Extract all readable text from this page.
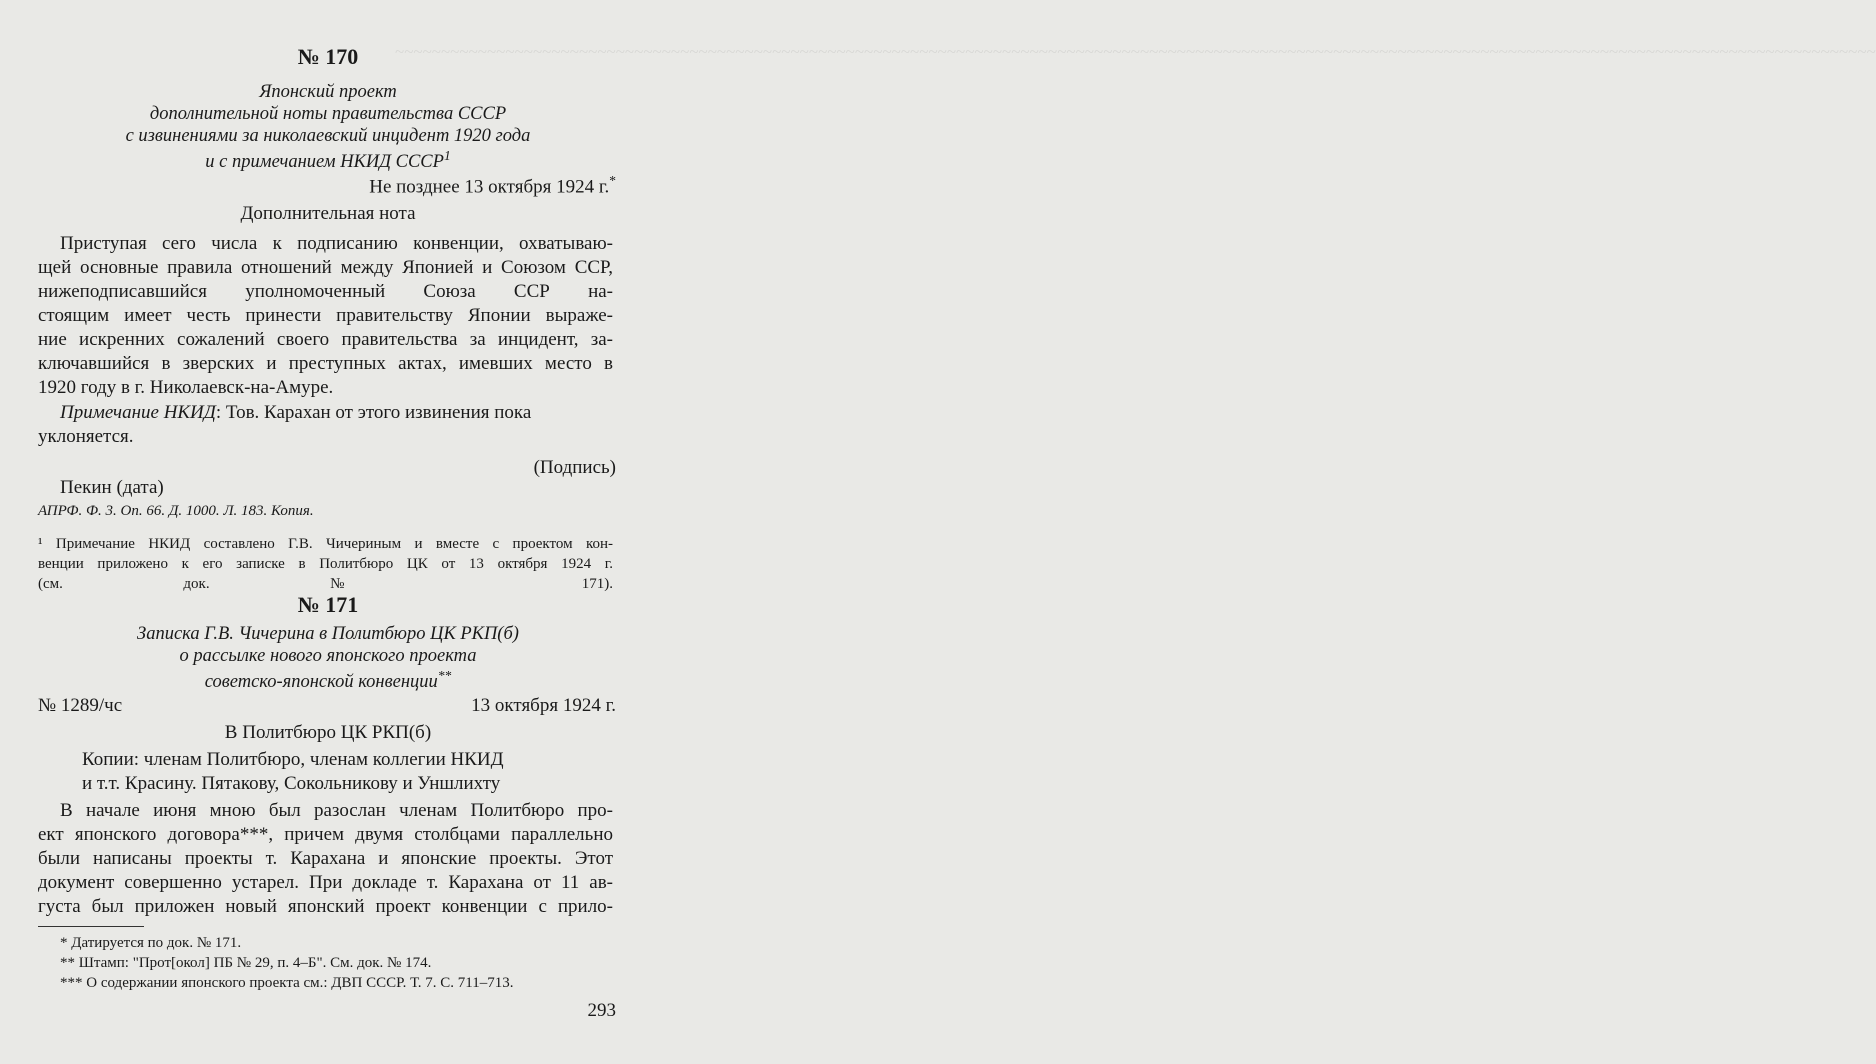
~~~~~~~~~~~~~~~~~~~~~~~~~~~~~~~~~~~~~~~~~~~~~~~~~~~~~~~~~~~~~~~~~~~~~~~~~~~~~~~~~~~~~~~~~~~~~~~~~~~~~~~~~~~~~~~~~~~~~~~~~~~~~~~~~~~~~~~~~~~~~~~~~~~~~~~~~~~~~~~~~
№ 170
Японский проект
дополнительной ноты правительства СССР
с извинениями за николаевский инцидент 1920 года
и с примечанием НКИД СССР$^1$
Не позднее 13 октября 1924 г.*
Дополнительная нота
Приступая сего числа к подписанию конвенции, охватываю-
щей основные правила отношений между Японией и Союзом ССР,
нижеподписавшийся уполномоченный Союза ССР на-
стоящим имеет честь принести правительству Японии выраже-
ние искренних сожалений своего правительства за инцидент, за-
ключавшийся в зверских и преступных актах, имевших место в
1920 году в г. Николаевск-на-Амуре.
Примечание НКИД: Тов. Карахан от этого извинения пока
уклоняется.
(Подпись)
Пекин (дата)
АПРФ. Ф. 3. Оп. 66. Д. 1000. Л. 183. Копия.
¹ Примечание НКИД составлено Г.В. Чичериным и вместе с проектом кон-
венции приложено к его записке в Политбюро ЦК от 13 октября 1924 г.
(см. док. № 171).
№ 171
Записка Г.В. Чичерина в Политбюро ЦК РКП(б)
о рассылке нового японского проекта
советско-японской конвенции**
№ 1289/чс	13 октября 1924 г.
В Политбюро ЦК РКП(б)
Копии: членам Политбюро, членам коллегии НКИД
и т.т. Красину. Пятакову, Сокольникову и Уншлихту
В начале июня мною был разослан членам Политбюро про-
ект японского договора***, причем двумя столбцами параллельно
были написаны проекты т. Карахана и японские проекты. Этот
документ совершенно устарел. При докладе т. Карахана от 11 ав-
густа был приложен новый японский проект конвенции с прило-
* Датируется по док. № 171.
** Штамп: "Прот[окол] ПБ № 29, п. 4–Б". См. док. № 174.
*** О содержании японского проекта см.: ДВП СССР. Т. 7. С. 711–713.
293
